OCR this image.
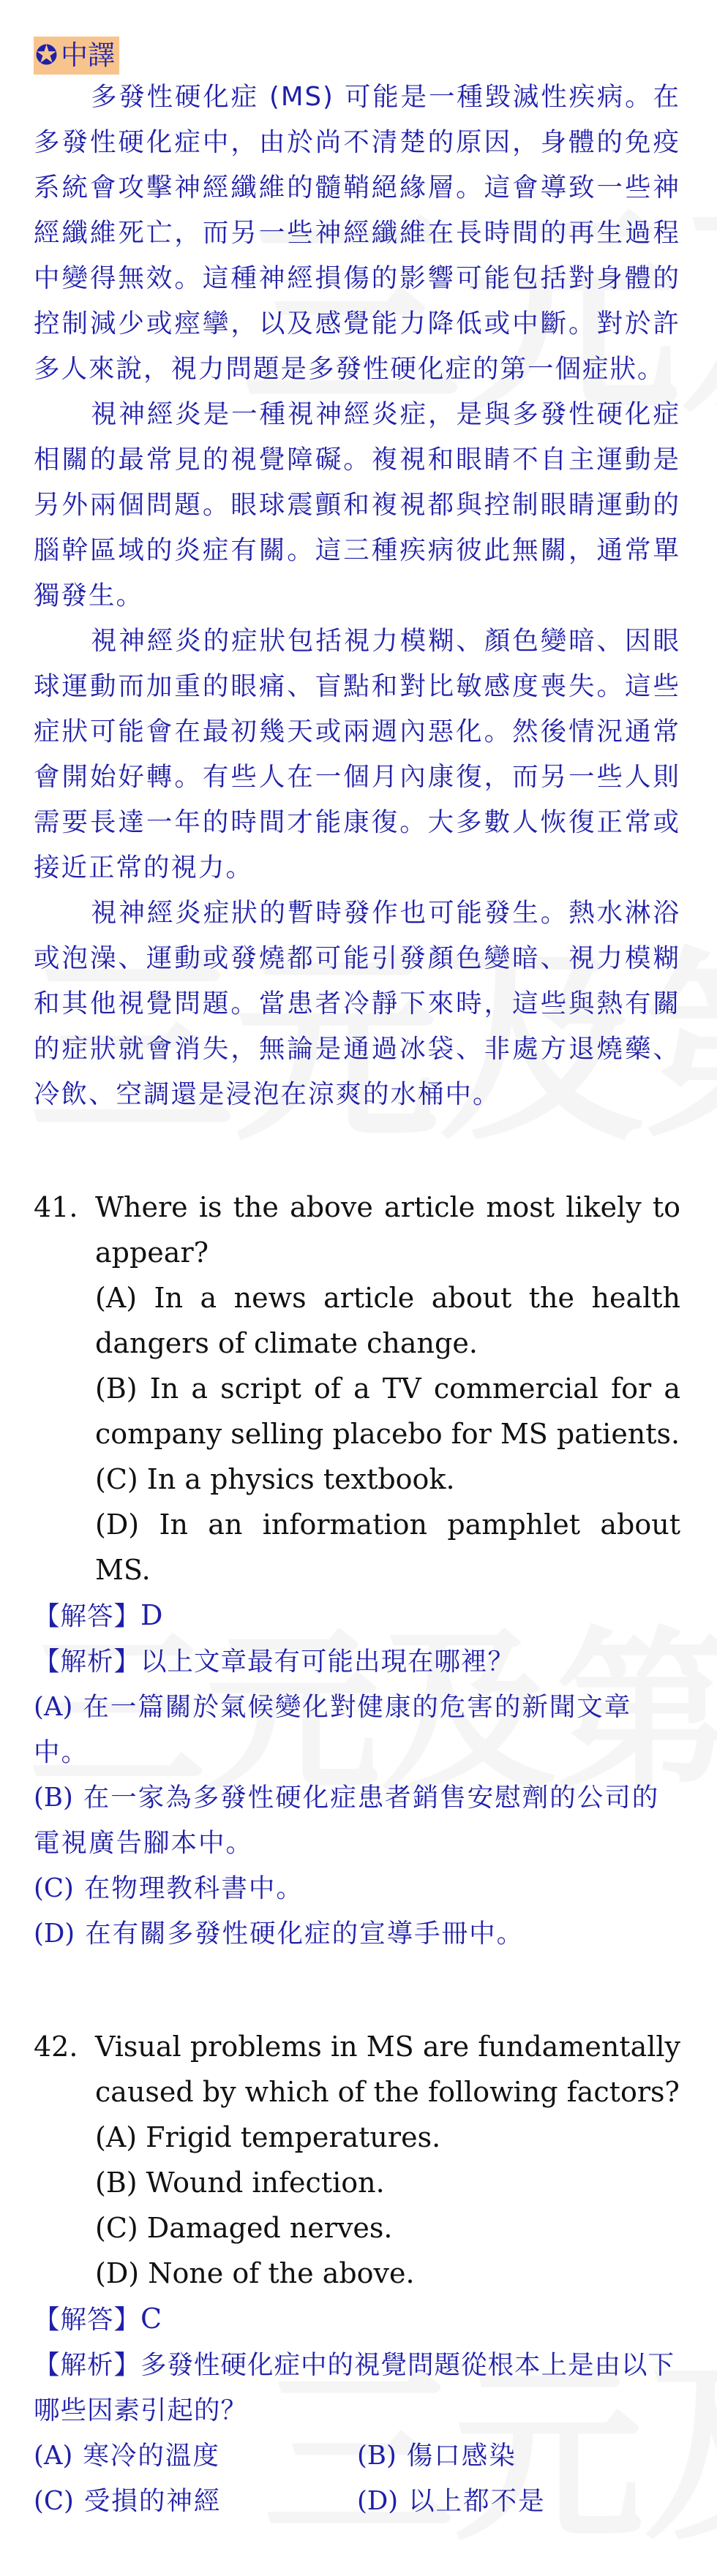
✪ 中譯

多發性硬化症 (MS) 可能是一種毀滅性疾病。在多發性硬化症中，由於尚不清楚的原因，身體的免疫系統會攻擊神經纖維的髓鞘絕緣層。這會導致一些神經纖維死亡，而另一些神經纖維在長時間的再生過程中變得無效。這種神經損傷的影響可能包括對身體的控制減少或痙攣，以及感覺能力降低或中斷。對於許多人來說，視力問題是多發性硬化症的第一個症狀。

視神經炎是一種視神經炎症，是與多發性硬化症相關的最常見的視覺障礙。複視和眼睛不自主運動是另外兩個問題。眼球震顫和複視都與控制眼睛運動的腦幹區域的炎症有關。這三種疾病彼此無關，通常單獨發生。

視神經炎的症狀包括視力模糊、顏色變暗、因眼球運動而加重的眼痛、盲點和對比敏感度喪失。這些症狀可能會在最初幾天或兩週內惡化。然後情況通常會開始好轉。有些人在一個月內康復，而另一些人則需要長達一年的時間才能康復。大多數人恢復正常或接近正常的視力。

視神經炎症狀的暫時發作也可能發生。熱水淋浴或泡澡、運動或發燒都可能引發顏色變暗、視力模糊和其他視覺問題。當患者冷靜下來時，這些與熱有關的症狀就會消失，無論是通過冰袋、非處方退燒藥、冷飲、空調還是浸泡在涼爽的水桶中。

41. Where is the above article most likely to appear?
(A) In a news article about the health dangers of climate change.
(B) In a script of a TV commercial for a company selling placebo for MS patients.
(C) In a physics textbook.
(D) In an information pamphlet about MS.
【解答】D
【解析】以上文章最有可能出現在哪裡？
(A) 在一篇關於氣候變化對健康的危害的新聞文章中。
(B) 在一家為多發性硬化症患者銷售安慰劑的公司的電視廣告腳本中。
(C) 在物理教科書中。
(D) 在有關多發性硬化症的宣導手冊中。
42. Visual problems in MS are fundamentally caused by which of the following factors?
(A) Frigid temperatures.
(B) Wound infection.
(C) Damaged nerves.
(D) None of the above.
【解答】C
【解析】多發性硬化症中的視覺問題從根本上是由以下哪些因素引起的？
(A) 寒冷的溫度	(B) 傷口感染
(C) 受損的神經	(D) 以上都不是
